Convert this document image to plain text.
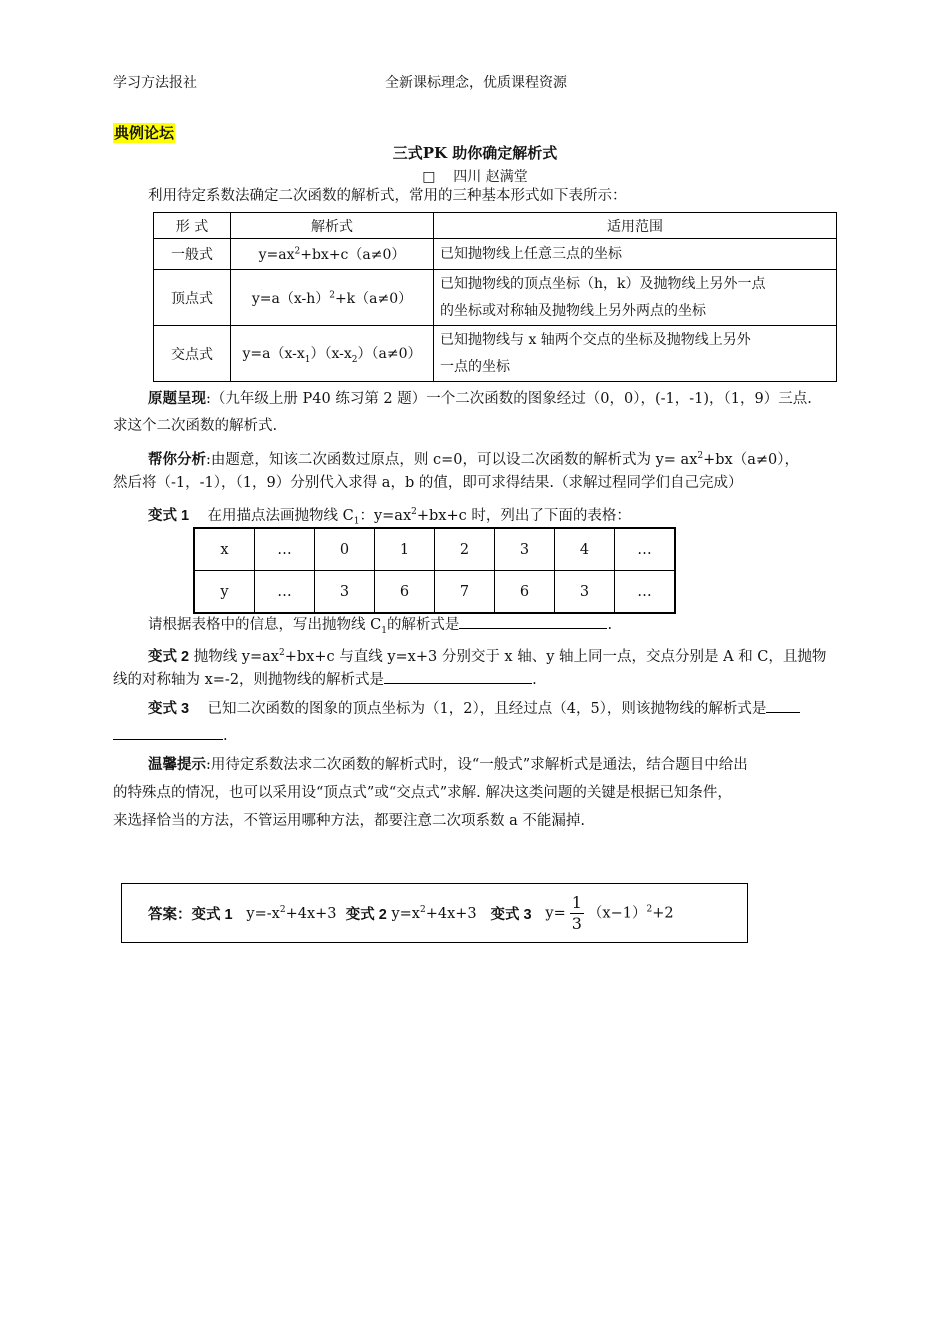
学习方法报社	全新课标理念，优质课程资源
典例论坛
三式PK 助你确定解析式
□ 四川 赵满堂
利用待定系数法确定二次函数的解析式，常用的三种基本形式如下表所示：
形 式	解析式	适用范围
一般式	$y=ax^2+bx+c(a\ne 0)$	已知抛物线上任意三点的坐标
顶点式	$y=a(x-h)^2+k(a\ne 0)$	已知抛物线的顶点坐标（h，k）及抛物线上另外一点
的坐标或对称轴及抛物线上另外两点的坐标
交点式	$y=a(x-x_1)(x-x_2)(a\ne 0)$	已知抛物线与 x 轴两个交点的坐标及抛物线上另外
一点的坐标
原题呈现:（九年级上册 P40 练习第 2 题）一个二次函数的图象经过（0，0），(-1，-1)，（1，9）三点.
求这个二次函数的解析式.
帮你分析:由题意，知该二次函数过原点，则 c=0，可以设二次函数的解析式为 $y= ax^2+bx(a\ne 0)$，
然后将（-1，-1），（1，9）分别代入求得 a，b 的值，即可求得结果.（求解过程同学们自己完成）
变式 1 在用描点法画抛物线 $C_1$：$y=ax^2+bx+c$ 时，列出了下面的表格：
x	…	0	1	2	3	4	…
y	…	3	6	7	6	3	…
请根据表格中的信息，写出抛物线 $C_1$的解析式是	.
变式 2 抛物线 $y=ax^2+bx+c$ 与直线 y=x+3 分别交于 x 轴、y 轴上同一点，交点分别是 A 和 C，且抛物
线的对称轴为 x=-2，则抛物线的解析式是	.
变式 3 已知二次函数的图象的顶点坐标为（1，2），且经过点（4，5），则该抛物线的解析式是
.
温馨提示:用待定系数法求二次函数的解析式时，设“一般式”求解析式是通法，结合题目中给出
的特殊点的情况，也可以采用设“顶点式”或“交点式”求解. 解决这类问题的关键是根据已知条件，
来选择恰当的方法，不管运用哪种方法，都要注意二次项系数 a 不能漏掉.
答案： 变式 1
$y=-x^2+4x+3$
变式 2
$y=x^2+4x+3$
变式 3
$y= \frac{1}{3} (x-1)^2+2$
